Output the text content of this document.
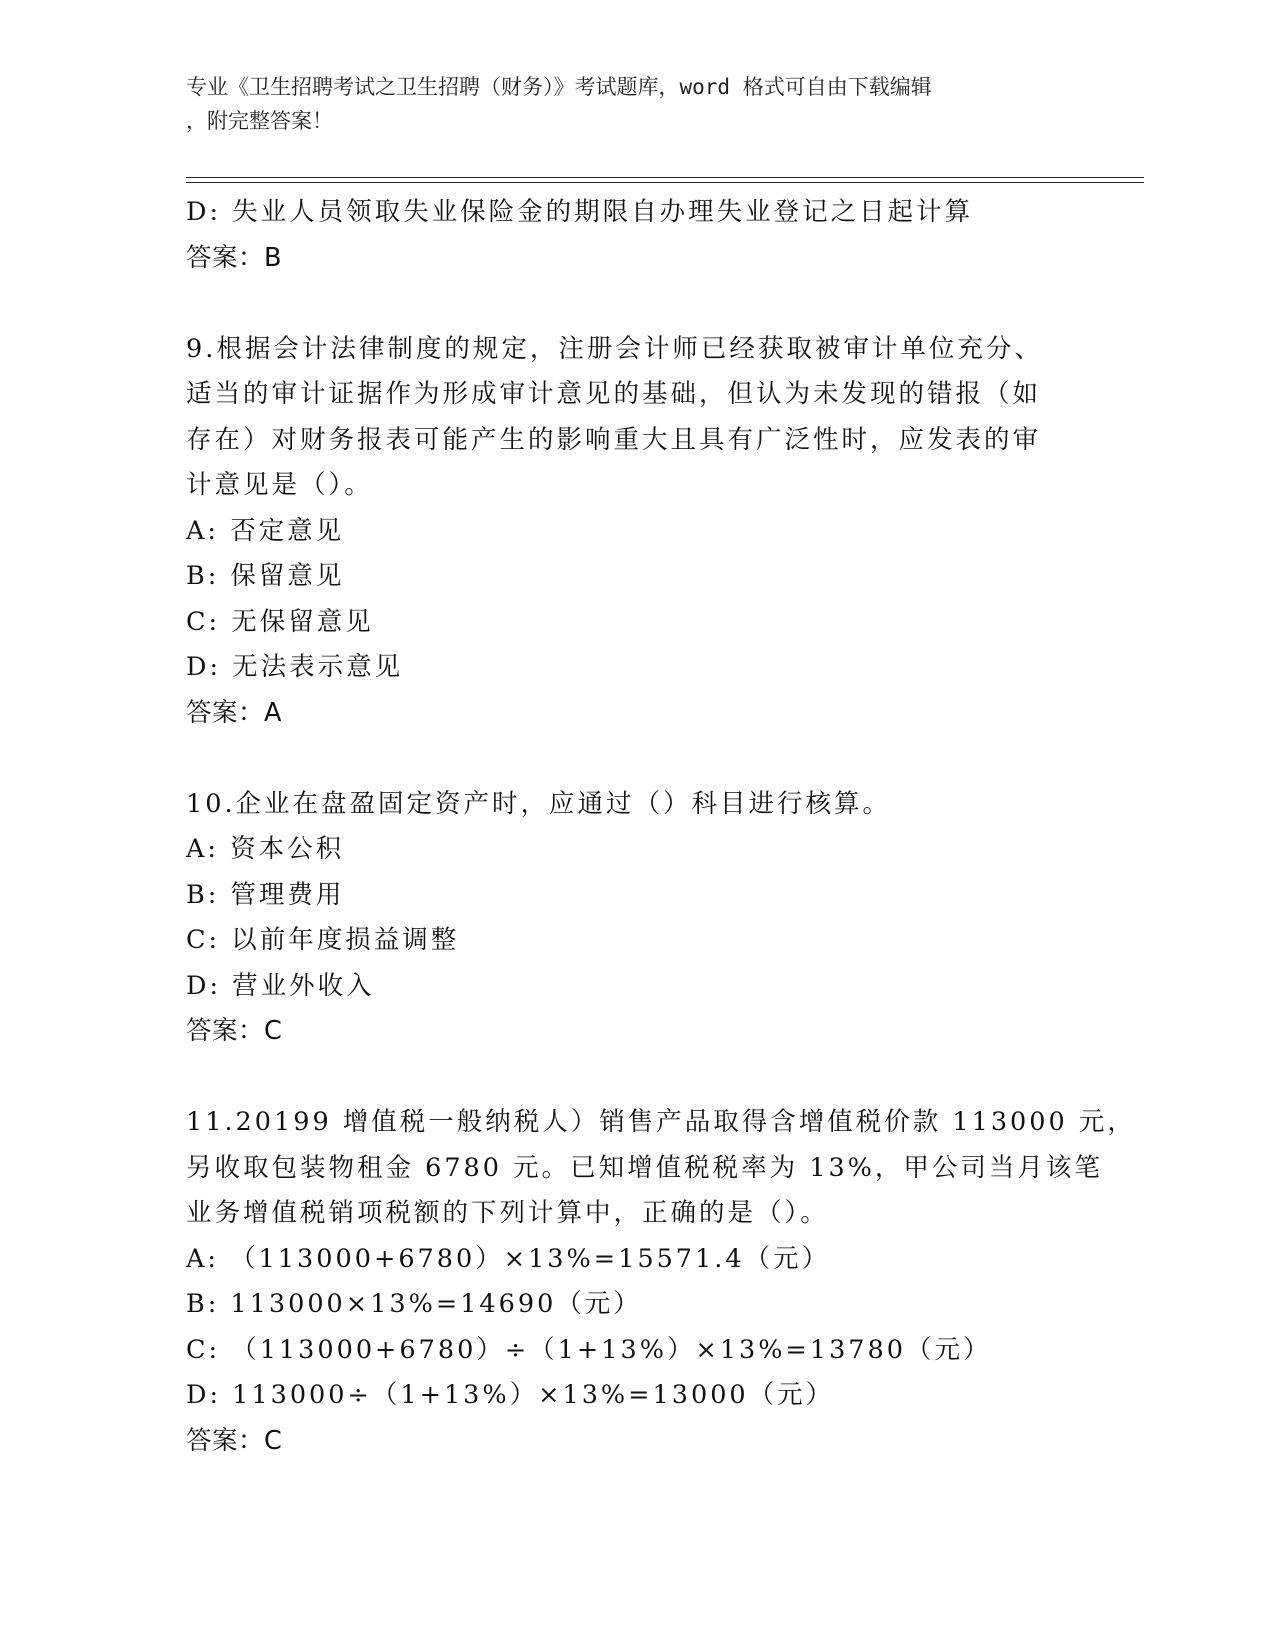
专业《卫生招聘考试之卫生招聘（财务）》考试题库，word 格式可自由下载编辑
，附完整答案！
D: 失业人员领取失业保险金的期限自办理失业登记之日起计算
答案：B
9.根据会计法律制度的规定，注册会计师已经获取被审计单位充分、
适当的审计证据作为形成审计意见的基础，但认为未发现的错报（如
存在）对财务报表可能产生的影响重大且具有广泛性时，应发表的审
计意见是（）。
A: 否定意见
B: 保留意见
C: 无保留意见
D: 无法表示意见
答案：A
10.企业在盘盈固定资产时，应通过（）科目进行核算。
A: 资本公积
B: 管理费用
C: 以前年度损益调整
D: 营业外收入
答案：C
11.20199 增值税一般纳税人）销售产品取得含增值税价款 113000 元，
另收取包装物租金 6780 元。已知增值税税率为 13%，甲公司当月该笔
业务增值税销项税额的下列计算中，正确的是（）。
A: （113000+6780）×13%=15571.4（元）
B: 113000×13%=14690（元）
C: （113000+6780）÷（1+13%）×13%=13780（元）
D: 113000÷（1+13%）×13%=13000（元）
答案：C
